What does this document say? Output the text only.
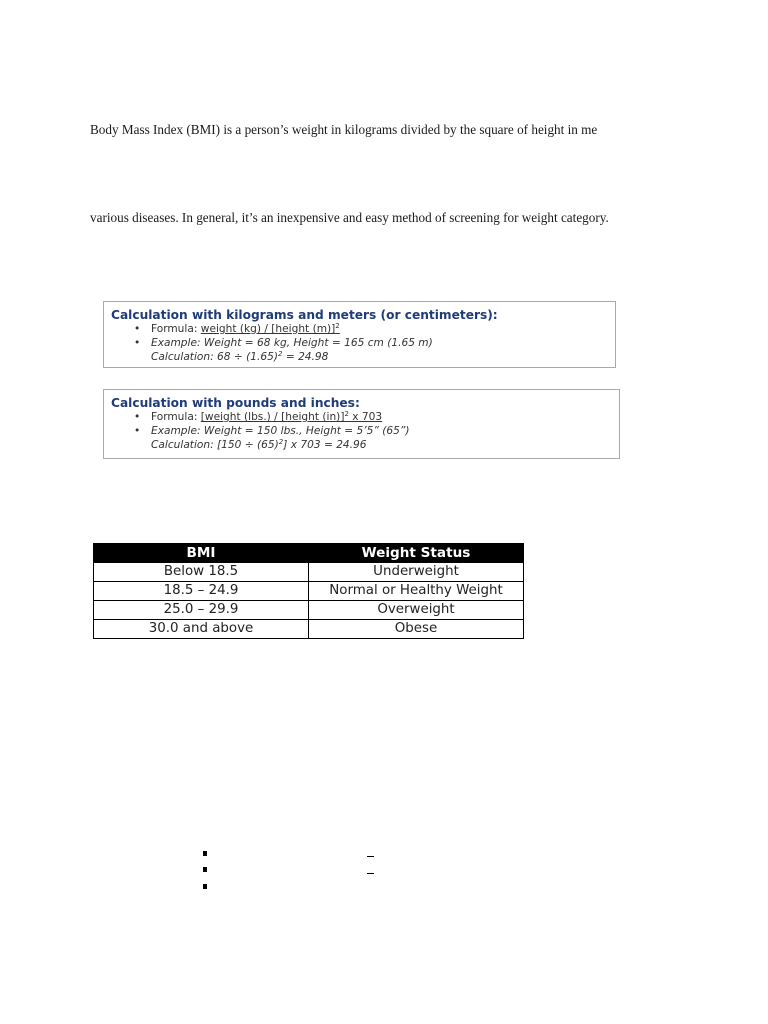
Body Mass Index (BMI) is a person’s weight in kilograms divided by the square of height in me
various diseases. In general, it’s an inexpensive and easy method of screening for weight category.
Calculation with kilograms and meters (or centimeters):
• Formula: weight (kg) / [height (m)]$^2$
• Example: Weight = 68 kg, Height = 165 cm (1.65 m)
Calculation: $68 \div (1.65)^2 = 24.98$
Calculation with pounds and inches:
• Formula: [weight (lbs.) / [height (in)]$^2$ x 703
• Example: Weight = 150 lbs., Height = 5’5” (65”)
Calculation: $[150 \div (65)^2]$ x 703 = 24.96
BMI	Weight Status
Below 18.5	Underweight
18.5 – 24.9	Normal or Healthy Weight
25.0 – 29.9	Overweight
30.0 and above	Obese
